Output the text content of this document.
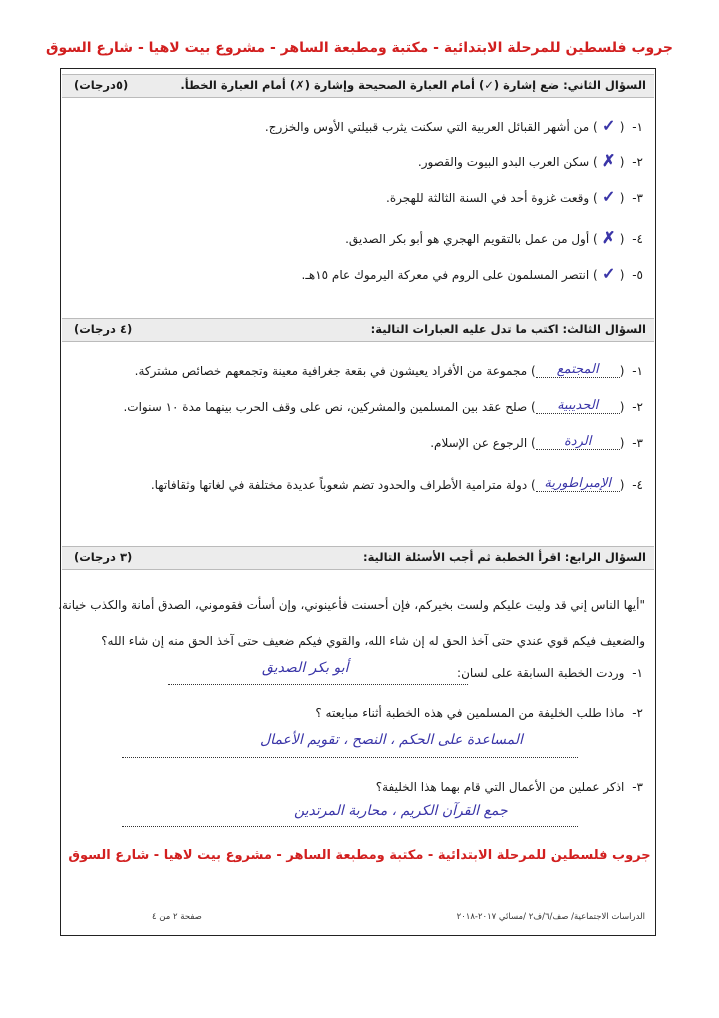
جروب فلسطين للمرحلة الابتدائية - مكتبة ومطبعة الساهر - مشروع بيت لاهيا - شارع السوق
السؤال الثاني: ضع إشارة (✓) أمام العبارة الصحيحة وإشارة (✗) أمام العبارة الخطأ.
(٥درجات)
١- (✓) من أشهر القبائل العربية التي سكنت يثرب قبيلتي الأوس والخزرج.
٢- (✗) سكن العرب البدو البيوت والقصور.
٣- (✓) وقعت غزوة أحد في السنة الثالثة للهجرة.
٤- (✗) أول من عمل بالتقويم الهجري هو أبو بكر الصديق.
٥- (✓) انتصر المسلمون على الروم في معركة اليرموك عام ١٥هـ.
السؤال الثالث: اكتب ما تدل عليه العبارات التالية:
(٤ درجات)
١- (المجتمع) مجموعة من الأفراد يعيشون في بقعة جغرافية معينة وتجمعهم خصائص مشتركة.
٢- (الحديبية) صلح عقد بين المسلمين والمشركين، نص على وقف الحرب بينهما مدة ١٠ سنوات.
٣- (الردة) الرجوع عن الإسلام.
٤- (الإمبراطورية) دولة مترامية الأطراف والحدود تضم شعوباً عديدة مختلفة في لغاتها وثقافاتها.
السؤال الرابع: اقرأ الخطبة ثم أجب الأسئلة التالية:
(٣ درجات)
"أيها الناس إني قد وليت عليكم ولست بخيركم، فإن أحسنت فأعينوني، وإن أسأت فقوموني، الصدق أمانة والكذب خيانة،
والضعيف فيكم قوي عندي حتى آخذ الحق له إن شاء الله، والقوي فيكم ضعيف حتى آخذ الحق منه إن شاء الله؟
١- وردت الخطبة السابقة على لسان:
أبو بكر الصديق
٢- ماذا طلب الخليفة من المسلمين في هذه الخطبة أثناء مبايعته ؟
المساعدة على الحكم ، النصح ، تقويم الأعمال
٣- اذكر عملين من الأعمال التي قام بهما هذا الخليفة؟
جمع القرآن الكريم ، محاربة المرتدين
جروب فلسطين للمرحلة الابتدائية - مكتبة ومطبعة الساهر - مشروع بيت لاهيا - شارع السوق
صفحة ٢ من ٤	الدراسات الاجتماعية/ صف/٦/ف٢ /مسائي ٢٠١٧-٢٠١٨
